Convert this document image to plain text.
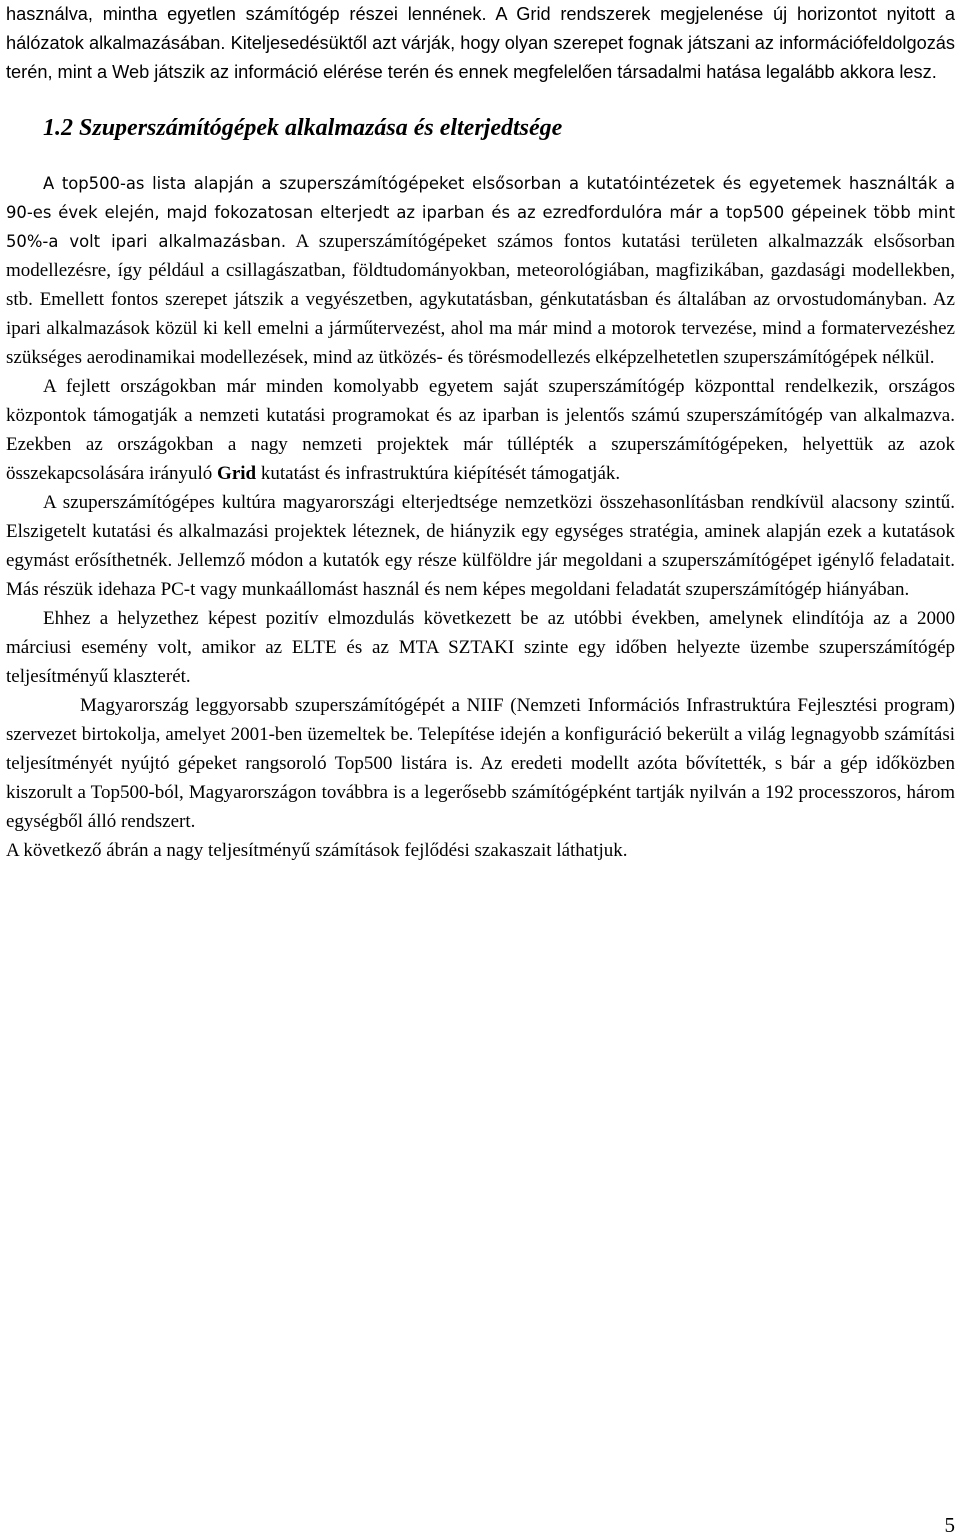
használva, mintha egyetlen számítógép részei lennének. A Grid rendszerek megjelenése új horizontot nyitott a hálózatok alkalmazásában. Kiteljesedésüktől azt várják, hogy olyan szerepet fognak játszani az információfeldolgozás terén, mint a Web játszik az információ elérése terén és ennek megfelelően társadalmi hatása legalább akkora lesz.

1.2 Szuperszámítógépek alkalmazása és elterjedtsége

A top500-as lista alapján a szuperszámítógépeket elsősorban a kutatóintézetek és egyetemek használták a 90-es évek elején, majd fokozatosan elterjedt az iparban és az ezredfordulóra már a top500 gépeinek több mint 50%-a volt ipari alkalmazásban. A szuperszámítógépeket számos fontos kutatási területen alkalmazzák elsősorban modellezésre, így például a csillagászatban, földtudományokban, meteorológiában, magfizikában, gazdasági modellekben, stb. Emellett fontos szerepet játszik a vegyészetben, agykutatásban, génkutatásban és általában az orvostudományban. Az ipari alkalmazások közül ki kell emelni a járműtervezést, ahol ma már mind a motorok tervezése, mind a formatervezéshez szükséges aerodinamikai modellezések, mind az ütközés- és törésmodellezés elképzelhetetlen szuperszámítógépek nélkül.

A fejlett országokban már minden komolyabb egyetem saját szuperszámítógép központtal rendelkezik, országos központok támogatják a nemzeti kutatási programokat és az iparban is jelentős számú szuperszámítógép van alkalmazva. Ezekben az országokban a nagy nemzeti projektek már túllépték a szuperszámítógépeken, helyettük az azok összekapcsolására irányuló Grid kutatást és infrastruktúra kiépítését támogatják.

A szuperszámítógépes kultúra magyarországi elterjedtsége nemzetközi összehasonlításban rendkívül alacsony szintű. Elszigetelt kutatási és alkalmazási projektek léteznek, de hiányzik egy egységes stratégia, aminek alapján ezek a kutatások egymást erősíthetnék. Jellemző módon a kutatók egy része külföldre jár megoldani a szuperszámítógépet igénylő feladatait. Más részük idehaza PC-t vagy munkaállomást használ és nem képes megoldani feladatát szuperszámítógép hiányában.

Ehhez a helyzethez képest pozitív elmozdulás következett be az utóbbi években, amelynek elindítója az a 2000 márciusi esemény volt, amikor az ELTE és az MTA SZTAKI szinte egy időben helyezte üzembe szuperszámítógép teljesítményű klaszterét.

Magyarország leggyorsabb szuperszámítógépét a NIIF (Nemzeti Információs Infrastruktúra Fejlesztési program) szervezet birtokolja, amelyet 2001-ben üzemeltek be. Telepítése idején a konfiguráció bekerült a világ legnagyobb számítási teljesítményét nyújtó gépeket rangsoroló Top500 listára is. Az eredeti modellt azóta bővítették, s bár a gép időközben kiszorult a Top500-ból, Magyarországon továbbra is a legerősebb számítógépként tartják nyilván a 192 processzoros, három egységből álló rendszert.

A következő ábrán a nagy teljesítményű számítások fejlődési szakaszait láthatjuk.

5
